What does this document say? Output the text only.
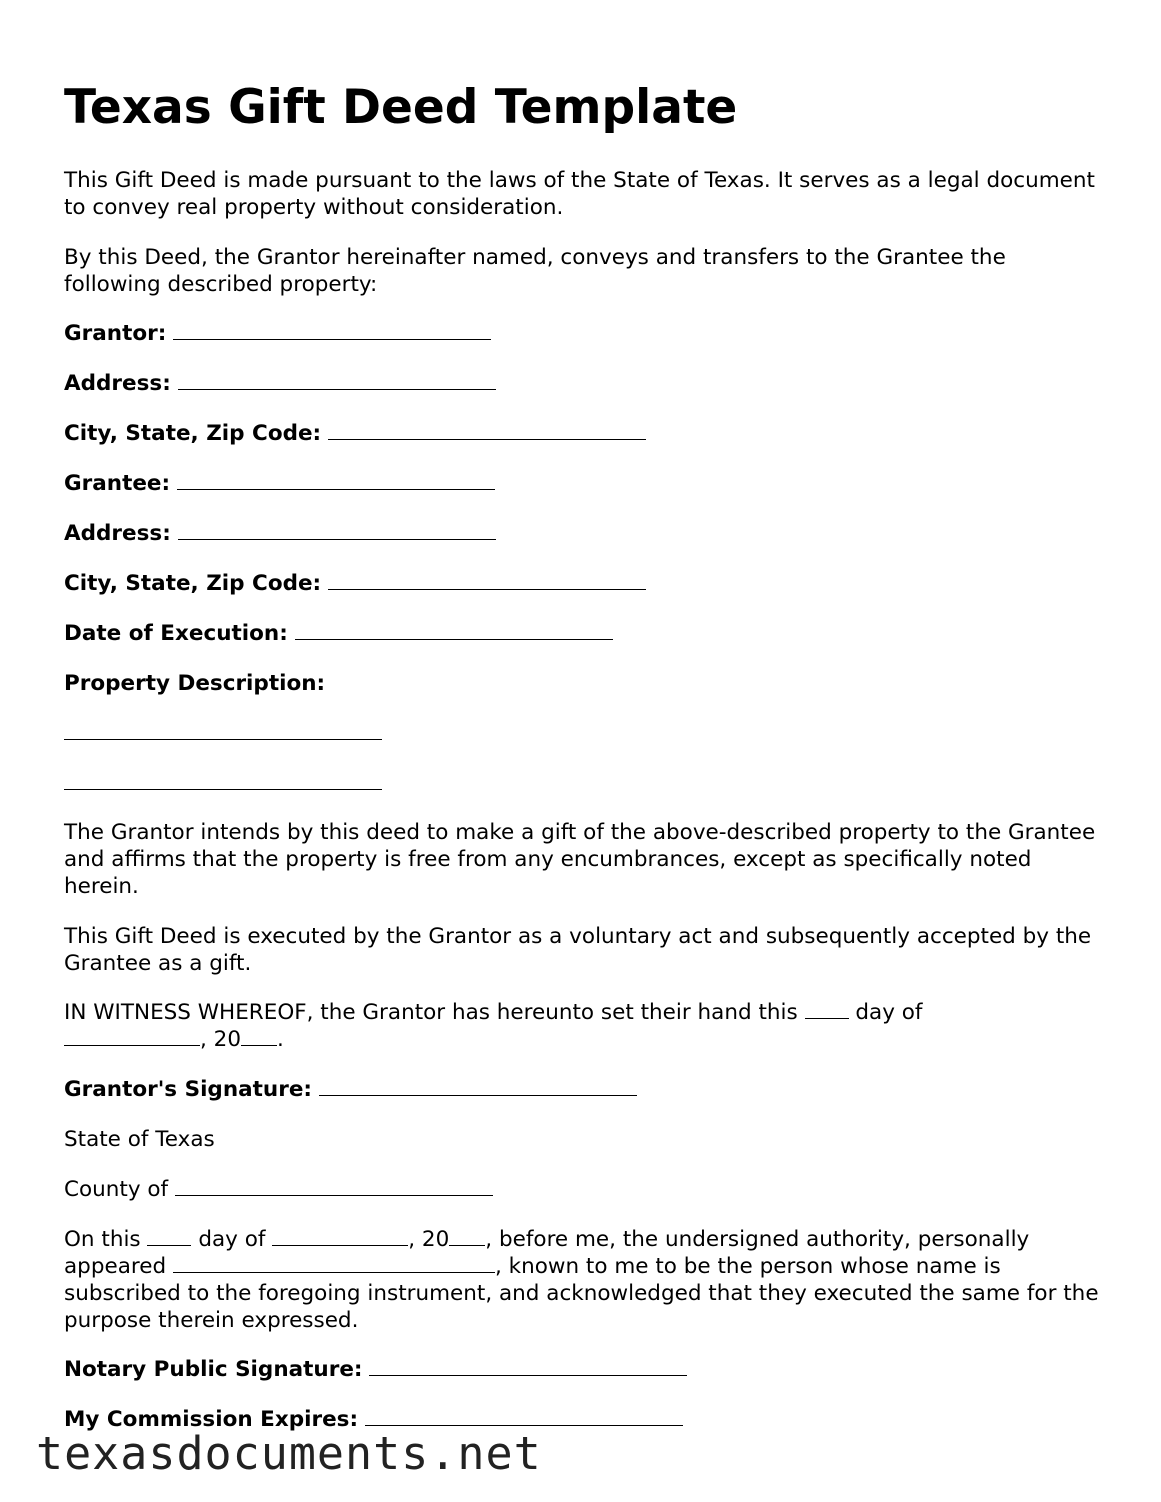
Texas Gift Deed Template

This Gift Deed is made pursuant to the laws of the State of Texas. It serves as a legal document to convey real property without consideration.

By this Deed, the Grantor hereinafter named, conveys and transfers to the Grantee the following described property:

Grantor:

Address:

City, State, Zip Code:

Grantee:

Address:

City, State, Zip Code:

Date of Execution:

Property Description:

The Grantor intends by this deed to make a gift of the above-described property to the Grantee and affirms that the property is free from any encumbrances, except as specifically noted herein.

This Gift Deed is executed by the Grantor as a voluntary act and subsequently accepted by the Grantee as a gift.

IN WITNESS WHEREOF, the Grantor has hereunto set their hand this	day of
, 20 .

Grantor's Signature:

State of Texas

County of

On this	day of	, 20 , before me, the undersigned authority, personally appeared	, known to me to be the person whose name is subscribed to the foregoing instrument, and acknowledged that they executed the same for the purpose therein expressed.

Notary Public Signature:

My Commission Expires:

texasdocuments.net
